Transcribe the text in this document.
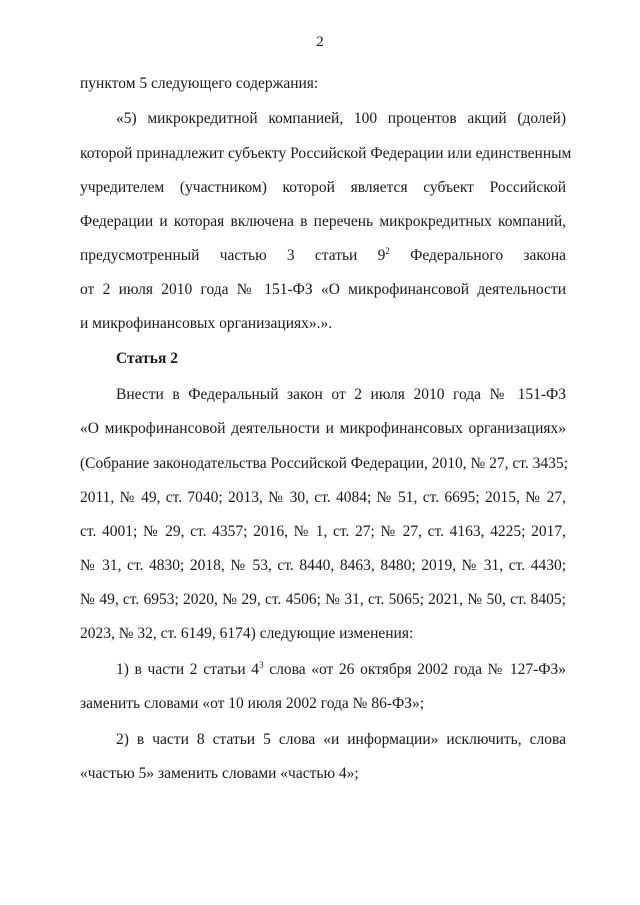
2
пунктом 5 следующего содержания:
«5) микрокредитной компанией, 100 процентов акций (долей)
которой принадлежит субъекту Российской Федерации или единственным
учредителем (участником) которой является субъект Российской
Федерации и которая включена в перечень микрокредитных компаний,
предусмотренный частью 3 статьи $9^2$ Федерального закона
от 2 июля 2010 года № 151-ФЗ «О микрофинансовой деятельности
и микрофинансовых организациях».».
Статья 2
Внести в Федеральный закон от 2 июля 2010 года № 151-ФЗ
«О микрофинансовой деятельности и микрофинансовых организациях»
(Собрание законодательства Российской Федерации, 2010, № 27, ст. 3435;
2011, № 49, ст. 7040; 2013, № 30, ст. 4084; № 51, ст. 6695; 2015, № 27,
ст. 4001; № 29, ст. 4357; 2016, № 1, ст. 27; № 27, ст. 4163, 4225; 2017,
№ 31, ст. 4830; 2018, № 53, ст. 8440, 8463, 8480; 2019, № 31, ст. 4430;
№ 49, ст. 6953; 2020, № 29, ст. 4506; № 31, ст. 5065; 2021, № 50, ст. 8405;
2023, № 32, ст. 6149, 6174) следующие изменения:
1) в части 2 статьи $4^3$ слова «от 26 октября 2002 года № 127-ФЗ»
заменить словами «от 10 июля 2002 года № 86-ФЗ»;
2) в части 8 статьи 5 слова «и информации» исключить, слова
«частью 5» заменить словами «частью 4»;
